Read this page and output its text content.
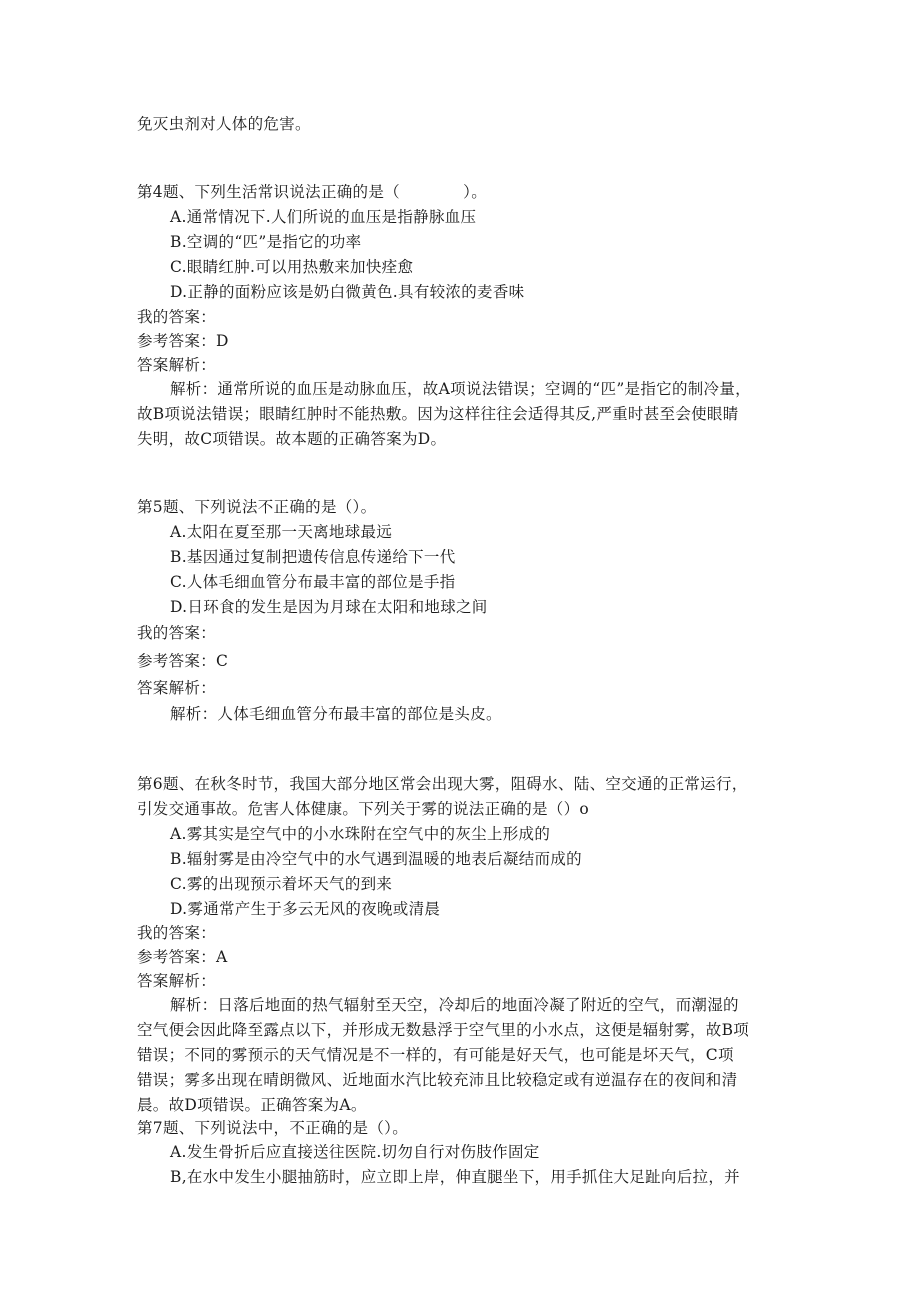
免灭虫剂对人体的危害。
第4题、下列生活常识说法正确的是（　　　　）。
A.通常情况下.人们所说的血压是指静脉血压
B.空调的“匹”是指它的功率
C.眼睛红肿.可以用热敷来加快痊愈
D.正静的面粉应该是奶白微黄色.具有较浓的麦香味
我的答案：
参考答案：D
答案解析：
解析：通常所说的血压是动脉血压，故A项说法错误；空调的“匹”是指它的制冷量，
故B项说法错误；眼睛红肿时不能热敷。因为这样往往会适得其反,严重时甚至会使眼睛
失明，故C项错误。故本题的正确答案为D。
第5题、下列说法不正确的是（）。
A.太阳在夏至那一天离地球最远
B.基因通过复制把遗传信息传递给下一代
C.人体毛细血管分布最丰富的部位是手指
D.日环食的发生是因为月球在太阳和地球之间
我的答案：
参考答案：C
答案解析：
解析：人体毛细血管分布最丰富的部位是头皮。
第6题、在秋冬时节，我国大部分地区常会出现大雾，阻碍水、陆、空交通的正常运行，
引发交通事故。危害人体健康。下列关于雾的说法正确的是（）o
A.雾其实是空气中的小水珠附在空气中的灰尘上形成的
B.辐射雾是由冷空气中的水气遇到温暖的地表后凝结而成的
C.雾的出现预示着坏天气的到来
D.雾通常产生于多云无风的夜晚或清晨
我的答案：
参考答案：A
答案解析：
解析：日落后地面的热气辐射至天空，冷却后的地面冷凝了附近的空气，而潮湿的
空气便会因此降至露点以下，并形成无数悬浮于空气里的小水点，这便是辐射雾，故B项
错误；不同的雾预示的天气情况是不一样的，有可能是好天气，也可能是坏天气，C项
错误；雾多出现在晴朗微风、近地面水汽比较充沛且比较稳定或有逆温存在的夜间和清
晨。故D项错误。正确答案为A。
第7题、下列说法中，不正确的是（）。
A.发生骨折后应直接送往医院.切勿自行对伤肢作固定
B,在水中发生小腿抽筋时，应立即上岸，伸直腿坐下，用手抓住大足趾向后拉，并
